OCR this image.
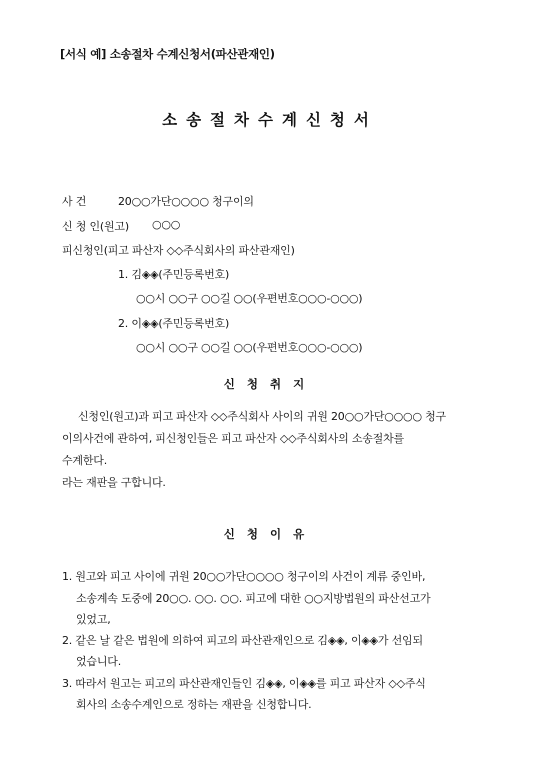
[서식 예] 소송절차 수계신청서(파산관재인)
소송절차수계신청서
사 건	20○○가단○○○○ 청구이의
신 청 인(원고) ○○○
피신청인(피고 파산자 ◇◇주식회사의 파산관재인)
1. 김◈◈(주민등록번호)
○○시 ○○구 ○○길 ○○(우편번호○○○-○○○)
2. 이◈◈(주민등록번호)
○○시 ○○구 ○○길 ○○(우편번호○○○-○○○)
신청취지
신청인(원고)과 피고 파산자 ◇◇주식회사 사이의 귀원 20○○가단○○○○ 청구
이의사건에 관하여, 피신청인들은 피고 파산자 ◇◇주식회사의 소송절차를
수계한다.
라는 재판을 구합니다.
신청이유
1. 원고와 피고 사이에 귀원 20○○가단○○○○ 청구이의 사건이 계류 중인바,
소송계속 도중에 20○○. ○○. ○○. 피고에 대한 ○○지방법원의 파산선고가
있었고,
2. 같은 날 같은 법원에 의하여 피고의 파산관재인으로 김◈◈, 이◈◈가 선임되
었습니다.
3. 따라서 원고는 피고의 파산관재인들인 김◈◈, 이◈◈를 피고 파산자 ◇◇주식
회사의 소송수계인으로 정하는 재판을 신청합니다.
